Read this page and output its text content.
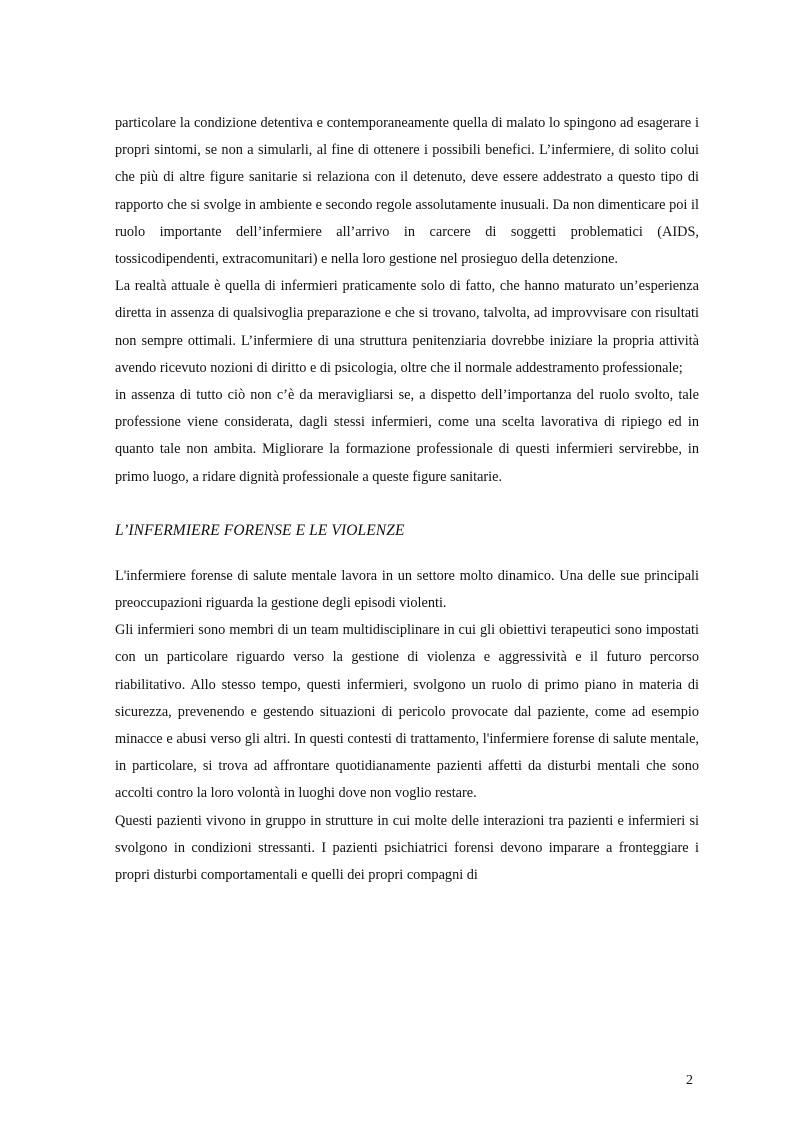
particolare la condizione detentiva e contemporaneamente quella di malato lo spingono ad esagerare i propri sintomi, se non a simularli, al fine di ottenere i possibili benefici. L’infermiere, di solito colui che più di altre figure sanitarie si relaziona con il detenuto, deve essere addestrato a questo tipo di rapporto che si svolge in ambiente e secondo regole assolutamente inusuali. Da non dimenticare poi il ruolo importante dell’infermiere all’arrivo in carcere di soggetti problematici (AIDS, tossicodipendenti, extracomunitari) e nella loro gestione nel prosieguo della detenzione.

La realtà attuale è quella di infermieri praticamente solo di fatto, che hanno maturato un’esperienza diretta in assenza di qualsivoglia preparazione e che si trovano, talvolta, ad improvvisare con risultati non sempre ottimali. L’infermiere di una struttura penitenziaria dovrebbe iniziare la propria attività avendo ricevuto nozioni di diritto e di psicologia, oltre che il normale addestramento professionale;

in assenza di tutto ciò non c’è da meravigliarsi se, a dispetto dell’importanza del ruolo svolto, tale professione viene considerata, dagli stessi infermieri, come una scelta lavorativa di ripiego ed in quanto tale non ambita. Migliorare la formazione professionale di questi infermieri servirebbe, in primo luogo, a ridare dignità professionale a queste figure sanitarie.

L’INFERMIERE FORENSE E LE VIOLENZE

L'infermiere forense di salute mentale lavora in un settore molto dinamico. Una delle sue principali preoccupazioni riguarda la gestione degli episodi violenti.

Gli infermieri sono membri di un team multidisciplinare in cui gli obiettivi terapeutici sono impostati con un particolare riguardo verso la gestione di violenza e aggressività e il futuro percorso riabilitativo. Allo stesso tempo, questi infermieri, svolgono un ruolo di primo piano in materia di sicurezza, prevenendo e gestendo situazioni di pericolo provocate dal paziente, come ad esempio minacce e abusi verso gli altri. In questi contesti di trattamento, l'infermiere forense di salute mentale, in particolare, si trova ad affrontare quotidianamente pazienti affetti da disturbi mentali che sono accolti contro la loro volontà in luoghi dove non voglio restare.

Questi pazienti vivono in gruppo in strutture in cui molte delle interazioni tra pazienti e infermieri si svolgono in condizioni stressanti. I pazienti psichiatrici forensi devono imparare a fronteggiare i propri disturbi comportamentali e quelli dei propri compagni di

2
